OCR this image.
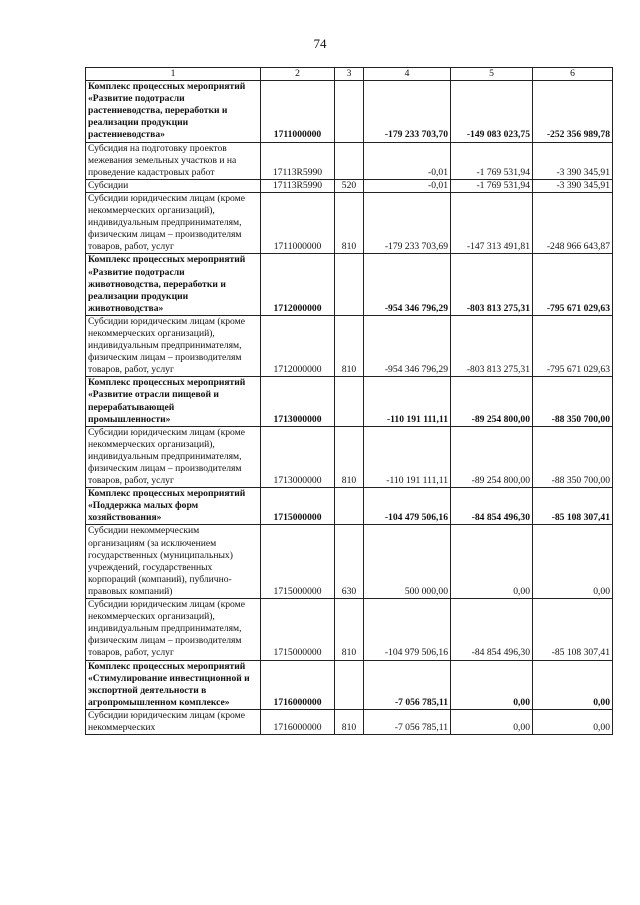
74
1	2	3	4	5	6
Комплекс процессных мероприятий «Развитие подотрасли растениеводства, переработки и реализации продукции растениеводства»	1711000000		-179 233 703,70	-149 083 023,75	-252 356 989,78
Субсидия на подготовку проектов межевания земельных участков и на проведение кадастровых работ	17113R5990		-0,01	-1 769 531,94	-3 390 345,91
Субсидии	17113R5990	520	-0,01	-1 769 531,94	-3 390 345,91
Субсидии юридическим лицам (кроме некоммерческих организаций), индивидуальным предпринимателям, физическим лицам – производителям товаров, работ, услуг	1711000000	810	-179 233 703,69	-147 313 491,81	-248 966 643,87
Комплекс процессных мероприятий «Развитие подотрасли животноводства, переработки и реализации продукции животноводства»	1712000000		-954 346 796,29	-803 813 275,31	-795 671 029,63
Субсидии юридическим лицам (кроме некоммерческих организаций), индивидуальным предпринимателям, физическим лицам – производителям товаров, работ, услуг	1712000000	810	-954 346 796,29	-803 813 275,31	-795 671 029,63
Комплекс процессных мероприятий «Развитие отрасли пищевой и перерабатывающей промышленности»	1713000000		-110 191 111,11	-89 254 800,00	-88 350 700,00
Субсидии юридическим лицам (кроме некоммерческих организаций), индивидуальным предпринимателям, физическим лицам – производителям товаров, работ, услуг	1713000000	810	-110 191 111,11	-89 254 800,00	-88 350 700,00
Комплекс процессных мероприятий «Поддержка малых форм хозяйствования»	1715000000		-104 479 506,16	-84 854 496,30	-85 108 307,41
Субсидии некоммерческим организациям (за исключением государственных (муниципальных) учреждений, государственных корпораций (компаний), публично-правовых компаний)	1715000000	630	500 000,00	0,00	0,00
Субсидии юридическим лицам (кроме некоммерческих организаций), индивидуальным предпринимателям, физическим лицам – производителям товаров, работ, услуг	1715000000	810	-104 979 506,16	-84 854 496,30	-85 108 307,41
Комплекс процессных мероприятий «Стимулирование инвестиционной и экспортной деятельности в агропромышленном комплексе»	1716000000		-7 056 785,11	0,00	0,00
Субсидии юридическим лицам (кроме некоммерческих	1716000000	810	-7 056 785,11	0,00	0,00
